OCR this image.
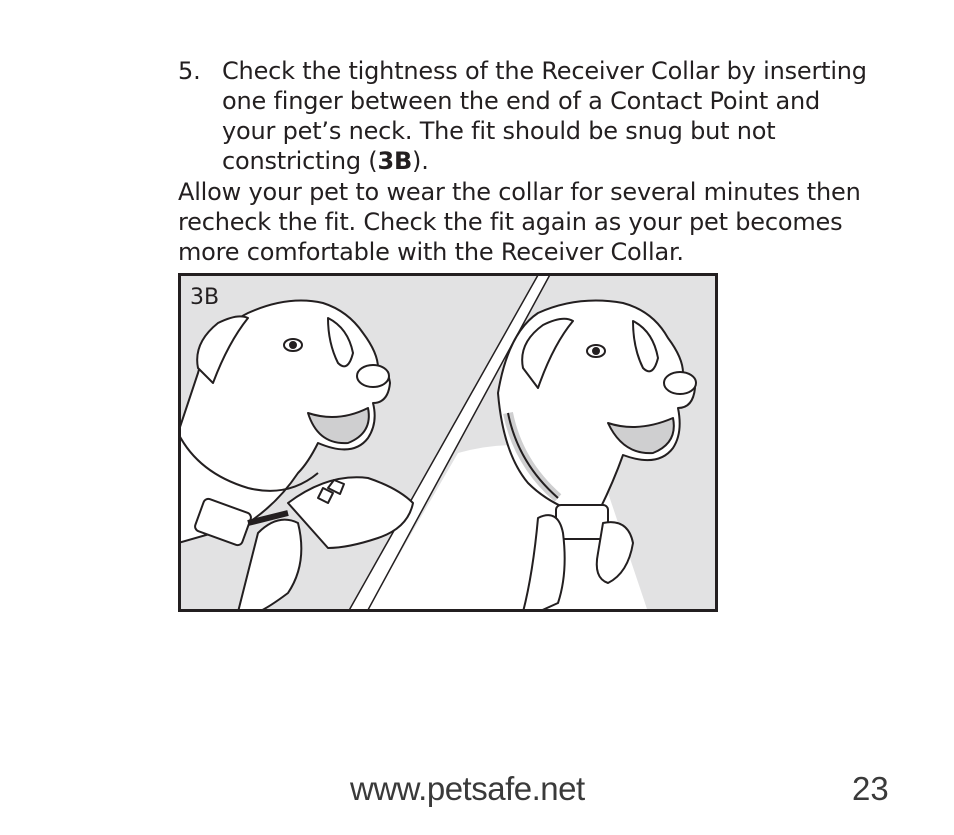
5. Check the tightness of the Receiver Collar by inserting one finger between the end of a Contact Point and your pet’s neck. The fit should be snug but not constricting (3B).
Allow your pet to wear the collar for several minutes then recheck the fit. Check the fit again as your pet becomes more comfortable with the Receiver Collar.
3B
www.petsafe.net	23
